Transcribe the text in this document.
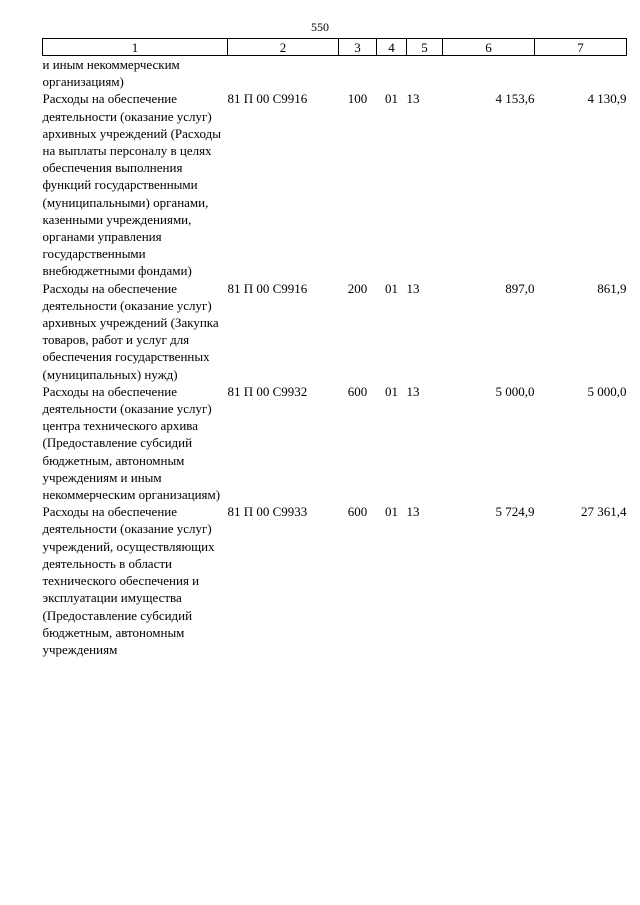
550
1	2	3	4	5	6	7
и иным некоммерческим организациям)						
Расходы на обеспечение деятельности (оказание услуг) архивных учреждений (Расходы на выплаты персоналу в целях обеспечения выполнения функций государственными (муниципальными) органами, казенными учреждениями, органами управления государственными внебюджетными фондами)	81 П 00 С9916	100	01	13	4 153,6	4 130,9
Расходы на обеспечение деятельности (оказание услуг) архивных учреждений (Закупка товаров, работ и услуг для обеспечения государственных (муниципальных) нужд)	81 П 00 С9916	200	01	13	897,0	861,9
Расходы на обеспечение деятельности (оказание услуг) центра технического архива (Предоставление субсидий бюджетным, автономным учреждениям и иным некоммерческим организациям)	81 П 00 С9932	600	01	13	5 000,0	5 000,0
Расходы на обеспечение деятельности (оказание услуг) учреждений, осуществляющих деятельность в области технического обеспечения и эксплуатации имущества (Предоставление субсидий бюджетным, автономным учреждениям	81 П 00 С9933	600	01	13	5 724,9	27 361,4
